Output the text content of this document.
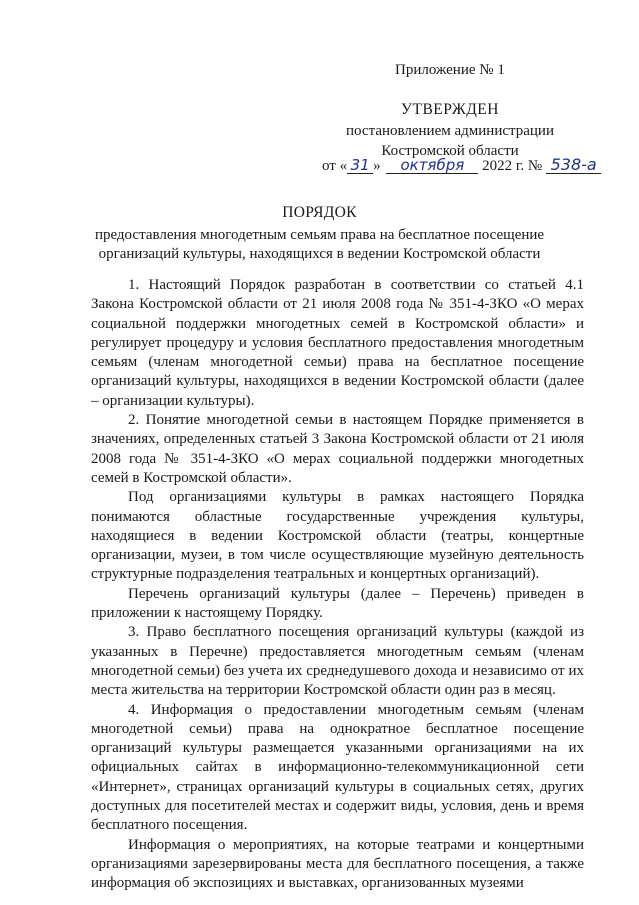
Приложение № 1
УТВЕРЖДЕН
постановлением администрации
Костромской области
от « 31 » октября 2022 г. № 538-а
ПОРЯДОК
предоставления многодетным семьям права на бесплатное посещение
организаций культуры, находящихся в ведении Костромской области

1. Настоящий Порядок разработан в соответствии со статьей 4.1 Закона Костромской области от 21 июля 2008 года № 351-4-ЗКО «О мерах социальной поддержки многодетных семей в Костромской области» и регулирует процедуру и условия бесплатного предоставления многодетным семьям (членам многодетной семьи) права на бесплатное посещение организаций культуры, находящихся в ведении Костромской области (далее – организации культуры).

2. Понятие многодетной семьи в настоящем Порядке применяется в значениях, определенных статьей 3 Закона Костромской области от 21 июля 2008 года № 351-4-ЗКО «О мерах социальной поддержки многодетных семей в Костромской области».

Под организациями культуры в рамках настоящего Порядка понимаются областные государственные учреждения культуры, находящиеся в ведении Костромской области (театры, концертные организации, музеи, в том числе осуществляющие музейную деятельность структурные подразделения театральных и концертных организаций).

Перечень организаций культуры (далее – Перечень) приведен в приложении к настоящему Порядку.

3. Право бесплатного посещения организаций культуры (каждой из указанных в Перечне) предоставляется многодетным семьям (членам многодетной семьи) без учета их среднедушевого дохода и независимо от их места жительства на территории Костромской области один раз в месяц.

4. Информация о предоставлении многодетным семьям (членам многодетной семьи) права на однократное бесплатное посещение организаций культуры размещается указанными организациями на их официальных сайтах в информационно-телекоммуникационной сети «Интернет», страницах организаций культуры в социальных сетях, других доступных для посетителей местах и содержит виды, условия, день и время бесплатного посещения.

Информация о мероприятиях, на которые театрами и концертными организациями зарезервированы места для бесплатного посещения, а также информация об экспозициях и выставках, организованных музеями
